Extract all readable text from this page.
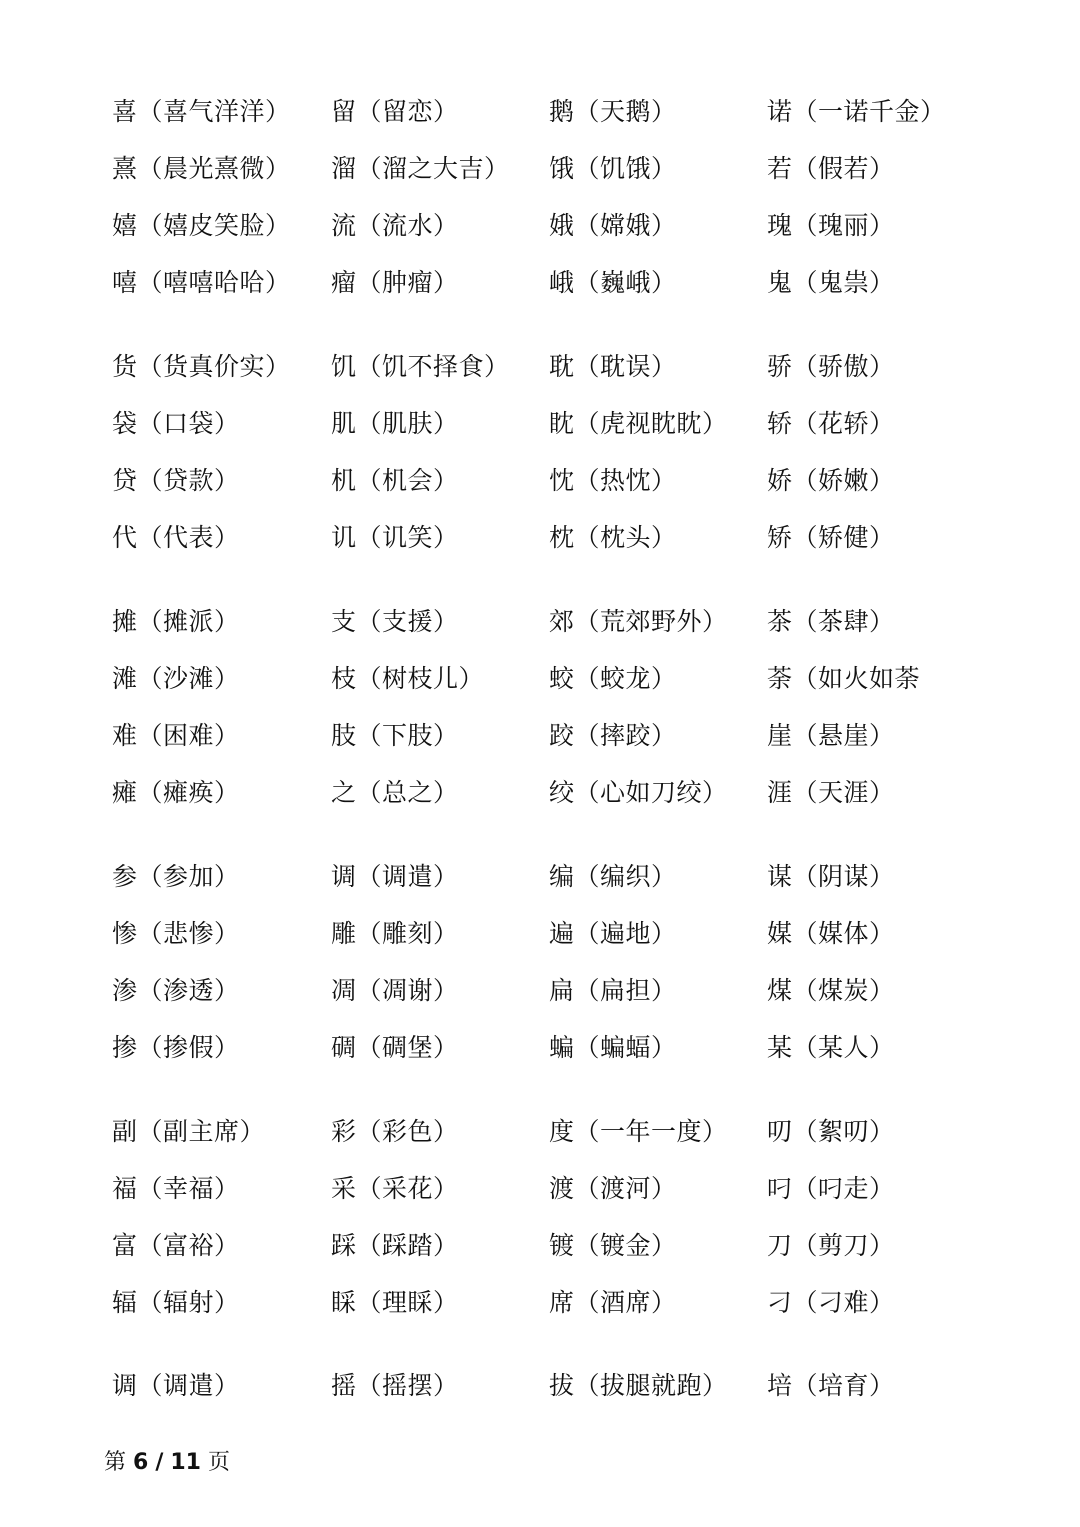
喜（喜气洋洋） 留（留恋）	鹅（天鹅）	诺（一诺千金）
熹（晨光熹微） 溜（溜之大吉） 饿（饥饿）	若（假若）
嬉（嬉皮笑脸） 流（流水）	娥（嫦娥）	瑰（瑰丽）
嘻（嘻嘻哈哈） 瘤（肿瘤）	峨（巍峨）	鬼（鬼祟）
货（货真价实） 饥（饥不择食） 耽（耽误）	骄（骄傲）
袋（口袋）	肌（肌肤）	眈（虎视眈眈） 轿（花轿）
贷（贷款）	机（机会）	忱（热忱）	娇（娇嫩）
代（代表）	讥（讥笑）	枕（枕头）	矫（矫健）
摊（摊派）	支（支援）	郊（荒郊野外） 茶（茶肆）
滩（沙滩）	枝（树枝儿）	蛟（蛟龙）	荼（如火如荼
难（困难）	肢（下肢）	跤（摔跤）	崖（悬崖）
瘫（瘫痪）	之（总之）	绞（心如刀绞） 涯（天涯）
参（参加）	调（调遣）	编（编织）	谋（阴谋）
惨（悲惨）	雕（雕刻）	遍（遍地）	媒（媒体）
渗（渗透）	凋（凋谢）	扁（扁担）	煤（煤炭）
掺（掺假）	碉（碉堡）	蝙（蝙蝠）	某（某人）
副（副主席）	彩（彩色）	度（一年一度） 叨（絮叨）
福（幸福）	采（采花）	渡（渡河）	叼（叼走）
富（富裕）	踩（踩踏）	镀（镀金）	刀（剪刀）
辐（辐射）	睬（理睬）	席（酒席）	刁（刁难）
调（调遣）	摇（摇摆）	拔（拔腿就跑） 培（培育）
第 6 / 11 页
